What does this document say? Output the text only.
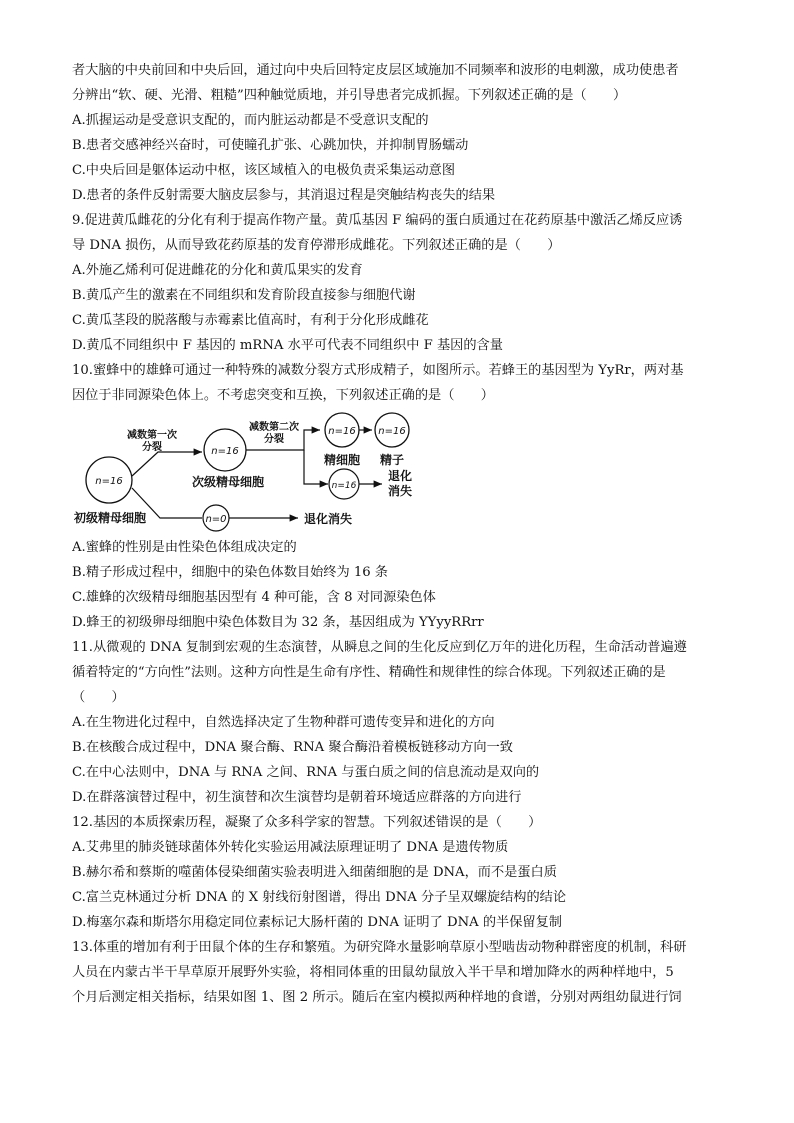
者大脑的中央前回和中央后回，通过向中央后回特定皮层区域施加不同频率和波形的电刺激，成功使患者
分辨出“软、硬、光滑、粗糙”四种触觉质地，并引导患者完成抓握。下列叙述正确的是（　　）
A.抓握运动是受意识支配的，而内脏运动都是不受意识支配的
B.患者交感神经兴奋时，可使瞳孔扩张、心跳加快，并抑制胃肠蠕动
C.中央后回是躯体运动中枢，该区域植入的电极负责采集运动意图
D.患者的条件反射需要大脑皮层参与，其消退过程是突触结构丧失的结果
9.促进黄瓜雌花的分化有利于提高作物产量。黄瓜基因 F 编码的蛋白质通过在花药原基中激活乙烯反应诱
导 DNA 损伤，从而导致花药原基的发育停滞形成雌花。下列叙述正确的是（　　）
A.外施乙烯利可促进雌花的分化和黄瓜果实的发育
B.黄瓜产生的激素在不同组织和发育阶段直接参与细胞代谢
C.黄瓜茎段的脱落酸与赤霉素比值高时，有利于分化形成雌花
D.黄瓜不同组织中 F 基因的 mRNA 水平可代表不同组织中 F 基因的含量
10.蜜蜂中的雄蜂可通过一种特殊的减数分裂方式形成精子，如图所示。若蜂王的基因型为 YyRr，两对基
因位于非同源染色体上。不考虑突变和互换，下列叙述正确的是（　　）
n=16
初级精母细胞
减数第一次
分裂	n=16
次级精母细胞
n=0	退化消失
减数第二次
分裂
n=16
精细胞
n=16
精子
n=16
退化
消失
A.蜜蜂的性别是由性染色体组成决定的
B.精子形成过程中，细胞中的染色体数目始终为 16 条
C.雄蜂的次级精母细胞基因型有 4 种可能，含 8 对同源染色体
D.蜂王的初级卵母细胞中染色体数目为 32 条，基因组成为 YYyyRRrr
11.从微观的 DNA 复制到宏观的生态演替，从瞬息之间的生化反应到亿万年的进化历程，生命活动普遍遵
循着特定的“方向性”法则。这种方向性是生命有序性、精确性和规律性的综合体现。下列叙述正确的是
（　　）
A.在生物进化过程中，自然选择决定了生物种群可遗传变异和进化的方向
B.在核酸合成过程中，DNA 聚合酶、RNA 聚合酶沿着模板链移动方向一致
C.在中心法则中，DNA 与 RNA 之间、RNA 与蛋白质之间的信息流动是双向的
D.在群落演替过程中，初生演替和次生演替均是朝着环境适应群落的方向进行
12.基因的本质探索历程，凝聚了众多科学家的智慧。下列叙述错误的是（　　）
A.艾弗里的肺炎链球菌体外转化实验运用减法原理证明了 DNA 是遗传物质
B.赫尔希和蔡斯的噬菌体侵染细菌实验表明进入细菌细胞的是 DNA，而不是蛋白质
C.富兰克林通过分析 DNA 的 X 射线衍射图谱，得出 DNA 分子呈双螺旋结构的结论
D.梅塞尔森和斯塔尔用稳定同位素标记大肠杆菌的 DNA 证明了 DNA 的半保留复制
13.体重的增加有利于田鼠个体的生存和繁殖。为研究降水量影响草原小型啮齿动物种群密度的机制，科研
人员在内蒙古半干旱草原开展野外实验，将相同体重的田鼠幼鼠放入半干旱和增加降水的两种样地中，5
个月后测定相关指标，结果如图 1、图 2 所示。随后在室内模拟两种样地的食谱，分别对两组幼鼠进行饲
